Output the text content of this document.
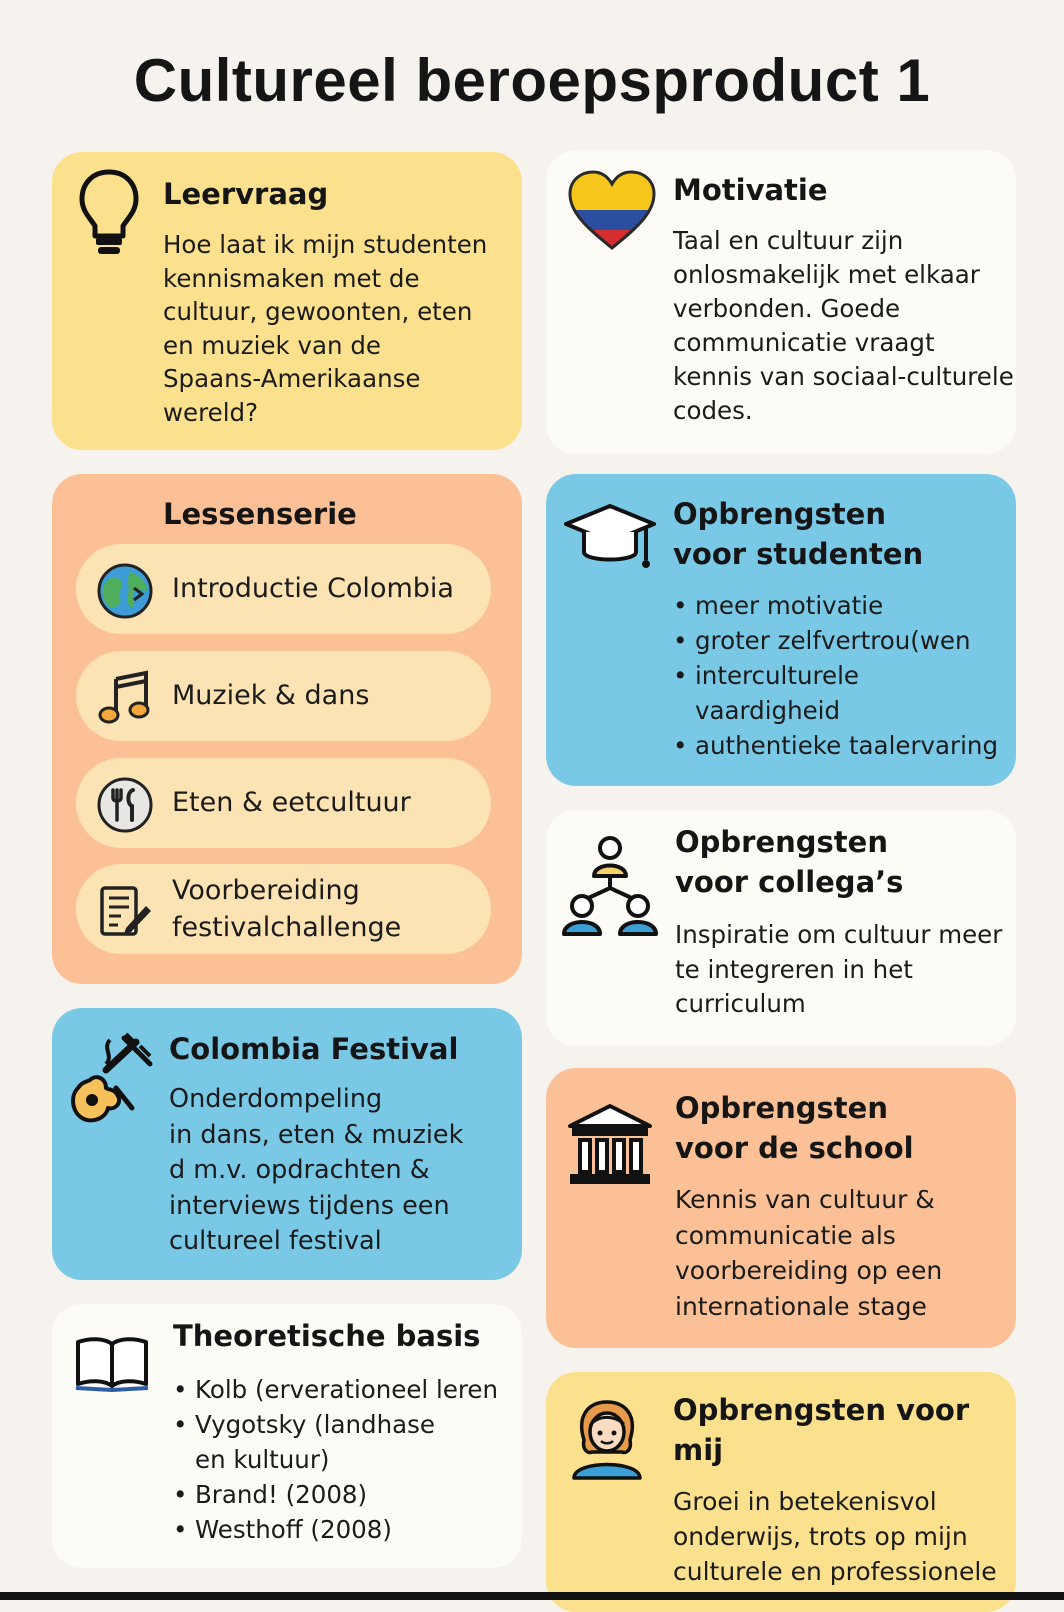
Cultureel beroepsproduct 1

Leervraag

Hoe laat ik mijn studenten
kennismaken met de
cultuur, gewoonten, eten
en muziek van de
Spaans-Amerikaanse
wereld?

Motivatie

Taal en cultuur zijn
onlosmakelijk met elkaar
verbonden. Goede
communicatie vraagt
kennis van sociaal-culturele
codes.

Lessenserie

Introductie Colombia
Muziek & dans
Eten & eetcultuur
Voorbereiding
festivalchallenge
Opbrengsten
voor studenten
• meer motivatie
• groter zelfvertrou(wen
• interculturele
vaardigheid
• authentieke taalervaring
Opbrengsten
voor collega’s
Inspiratie om cultuur meer
te integreren in het
curriculum

Colombia Festival

Onderdompeling
in dans, eten & muziek
d m.v. opdrachten &
interviews tijdens een
cultureel festival
Opbrengsten
voor de school
Kennis van cultuur &
communicatie als
voorbereiding op een
internationale stage

Theoretische basis

• Kolb (erverationeel leren
• Vygotsky (landhase
en kultuur)
• Brand! (2008)
• Westhoff (2008)
Opbrengsten voor
mij
Groei in betekenisvol
onderwijs, trots op mijn
culturele en professionele
